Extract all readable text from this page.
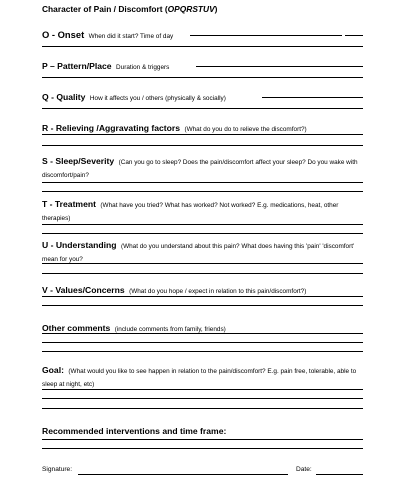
Character of Pain / Discomfort (OPQRSTUV)
O - Onset When did it start? Time of day
P – Pattern/Place Duration & triggers
Q - Quality How it affects you / others (physically & socially)
R - Relieving /Aggravating factors (What do you do to relieve the discomfort?)
S - Sleep/Severity (Can you go to sleep? Does the pain/discomfort affect your sleep? Do you wake with discomfort/pain?
T - Treatment (What have you tried? What has worked? Not worked? E.g. medications, heat, other therapies)
U - Understanding (What do you understand about this pain? What does having this 'pain' 'discomfort' mean for you?
V - Values/Concerns (What do you hope / expect in relation to this pain/discomfort?)
Other comments (include comments from family, friends)
Goal: (What would you like to see happen in relation to the pain/discomfort? E.g. pain free, tolerable, able to sleep at night, etc)
Recommended interventions and time frame:
Signature:	Date:
